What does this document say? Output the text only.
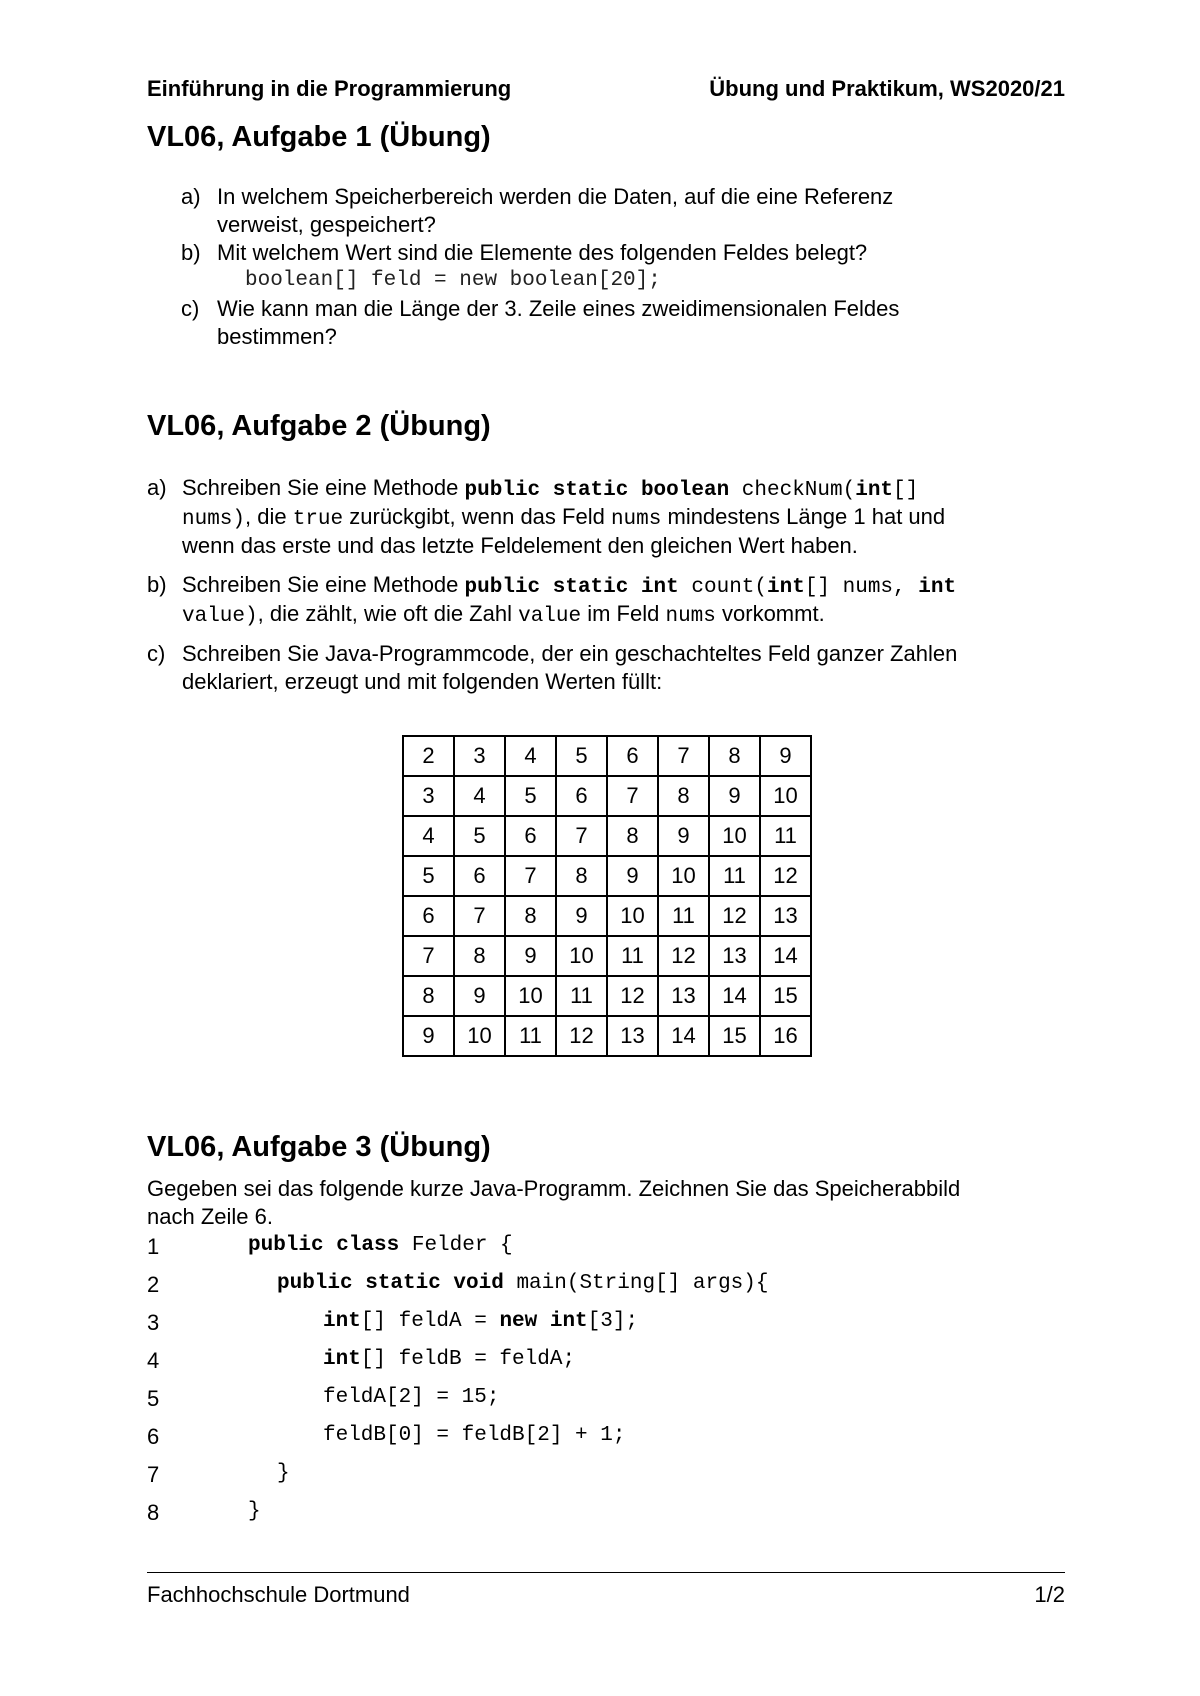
Einführung in die Programmierung	Übung und Praktikum, WS2020/21
VL06, Aufgabe 1 (Übung)
a) In welchem Speicherbereich werden die Daten, auf die eine Referenz
verweist, gespeichert?
b) Mit welchem Wert sind die Elemente des folgenden Feldes belegt?
boolean[] feld = new boolean[20];
c) Wie kann man die Länge der 3. Zeile eines zweidimensionalen Feldes
bestimmen?
VL06, Aufgabe 2 (Übung)
a) Schreiben Sie eine Methode public static boolean checkNum(int[]
nums), die true zurückgibt, wenn das Feld nums mindestens Länge 1 hat und
wenn das erste und das letzte Feldelement den gleichen Wert haben.
b) Schreiben Sie eine Methode public static int count(int[] nums, int
value), die zählt, wie oft die Zahl value im Feld nums vorkommt.
c) Schreiben Sie Java-Programmcode, der ein geschachteltes Feld ganzer Zahlen
deklariert, erzeugt und mit folgenden Werten füllt:
2	3	4	5	6	7	8	9
3	4	5	6	7	8	9	10
4	5	6	7	8	9	10	11
5	6	7	8	9	10	11	12
6	7	8	9	10	11	12	13
7	8	9	10	11	12	13	14
8	9	10	11	12	13	14	15
9	10	11	12	13	14	15	16
VL06, Aufgabe 3 (Übung)
Gegeben sei das folgende kurze Java-Programm. Zeichnen Sie das Speicherabbild
nach Zeile 6.
1	public class Felder {
2	public static void main(String[] args){
3	int[] feldA = new int[3];
4	int[] feldB = feldA;
5	feldA[2] = 15;
6	feldB[0] = feldB[2] + 1;
7	}
8	}
Fachhochschule Dortmund	1/2
